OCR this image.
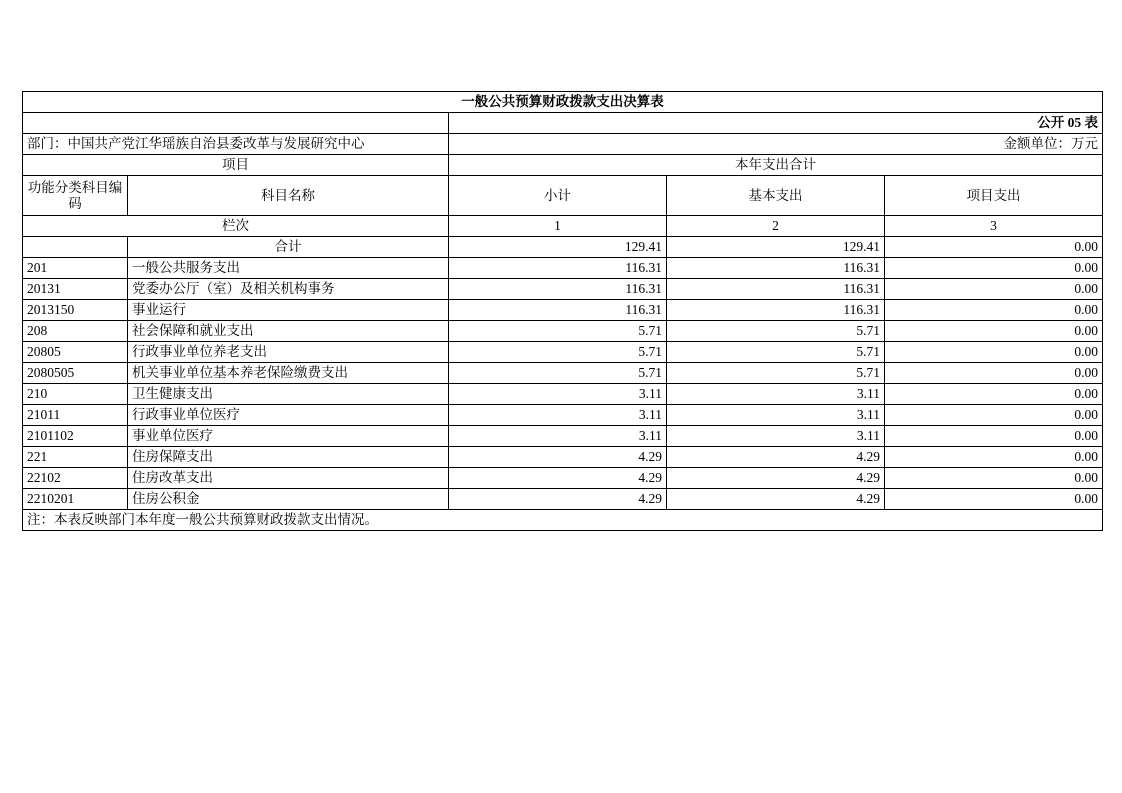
一般公共预算财政拨款支出决算表				
		公开 05 表		
部门：中国共产党江华瑶族自治县委改革与发展研究中心		金额单位：万元		
项目		本年支出合计		
功能分类科目编码	科目名称	小计	基本支出	项目支出
栏次		1	2	3
	合计	129.41	129.41	0.00
201	一般公共服务支出	116.31	116.31	0.00
20131	党委办公厅（室）及相关机构事务	116.31	116.31	0.00
2013150	事业运行	116.31	116.31	0.00
208	社会保障和就业支出	5.71	5.71	0.00
20805	行政事业单位养老支出	5.71	5.71	0.00
2080505	机关事业单位基本养老保险缴费支出	5.71	5.71	0.00
210	卫生健康支出	3.11	3.11	0.00
21011	行政事业单位医疗	3.11	3.11	0.00
2101102	事业单位医疗	3.11	3.11	0.00
221	住房保障支出	4.29	4.29	0.00
22102	住房改革支出	4.29	4.29	0.00
2210201	住房公积金	4.29	4.29	0.00
注：本表反映部门本年度一般公共预算财政拨款支出情况。				
